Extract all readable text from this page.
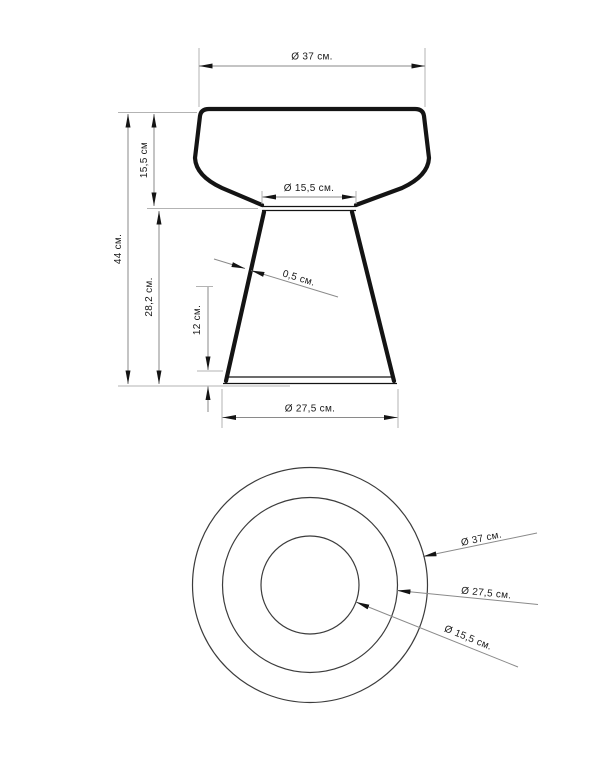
Ø 37 см.
44 см.
15,5 см
28,2 см.
12 см.
0,5 см.
Ø 15,5 см.
Ø 27,5 см.
Ø 37 см.
Ø 27,5 см.
Ø 15,5 см.
